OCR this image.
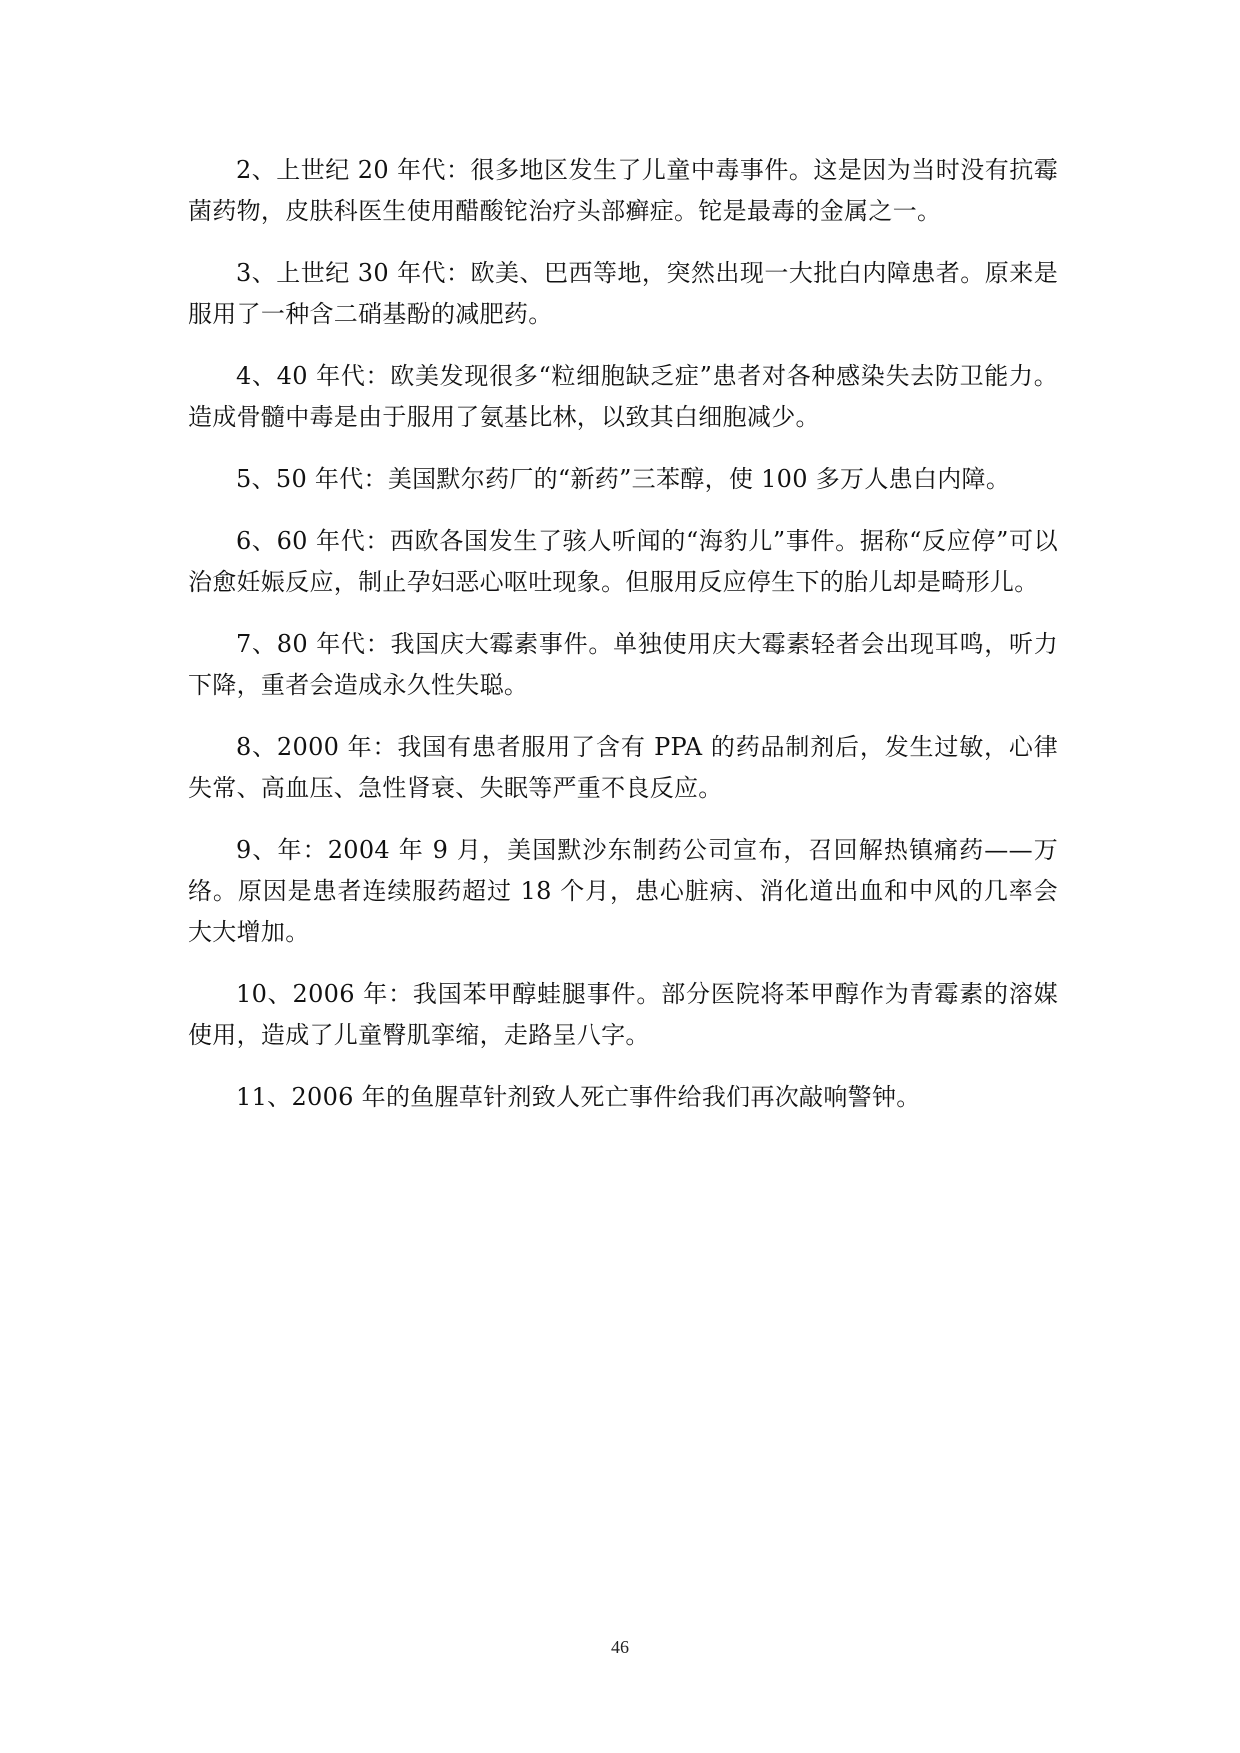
2、上世纪 20 年代：很多地区发生了儿童中毒事件。这是因为当时没有抗霉菌药物，皮肤科医生使用醋酸铊治疗头部癣症。铊是最毒的金属之一。

3、上世纪 30 年代：欧美、巴西等地，突然出现一大批白内障患者。原来是服用了一种含二硝基酚的减肥药。

4、40 年代：欧美发现很多“粒细胞缺乏症”患者对各种感染失去防卫能力。造成骨髓中毒是由于服用了氨基比林，以致其白细胞减少。

5、50 年代：美国默尔药厂的“新药”三苯醇，使 100 多万人患白内障。

6、60 年代：西欧各国发生了骇人听闻的“海豹儿”事件。据称“反应停”可以治愈妊娠反应，制止孕妇恶心呕吐现象。但服用反应停生下的胎儿却是畸形儿。

7、80 年代：我国庆大霉素事件。单独使用庆大霉素轻者会出现耳鸣，听力下降，重者会造成永久性失聪。

8、2000 年：我国有患者服用了含有 PPA 的药品制剂后，发生过敏，心律失常、高血压、急性肾衰、失眠等严重不良反应。

9、年：2004 年 9 月，美国默沙东制药公司宣布，召回解热镇痛药——万络。原因是患者连续服药超过 18 个月，患心脏病、消化道出血和中风的几率会大大增加。

10、2006 年：我国苯甲醇蛙腿事件。部分医院将苯甲醇作为青霉素的溶媒使用，造成了儿童臀肌挛缩，走路呈八字。

11、2006 年的鱼腥草针剂致人死亡事件给我们再次敲响警钟。

46
